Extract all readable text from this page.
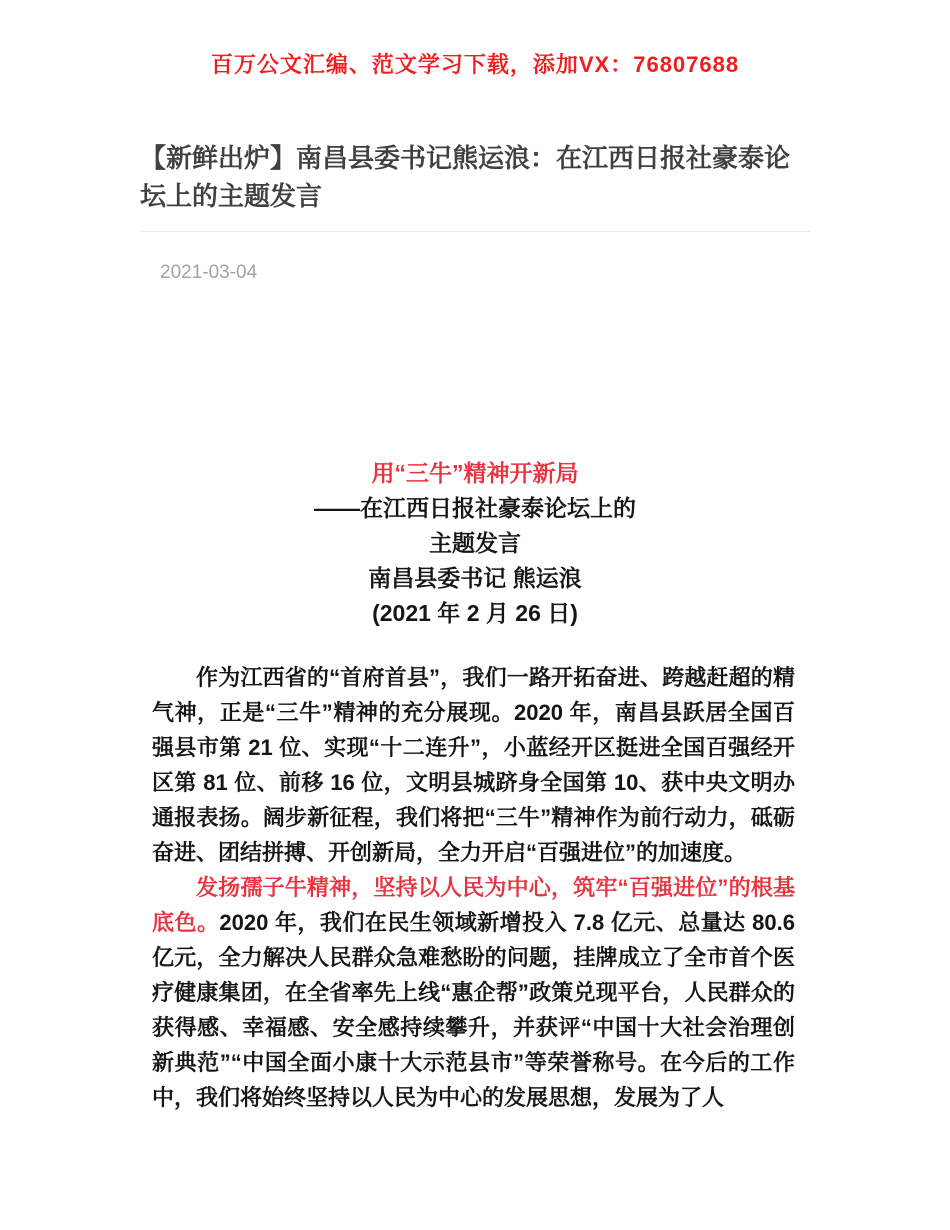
百万公文汇编、范文学习下载，添加VX：76807688
【新鲜出炉】南昌县委书记熊运浪：在江西日报社豪泰论坛上的主题发言
2021-03-04
用“三牛”精神开新局
——在江西日报社豪泰论坛上的
主题发言
南昌县委书记 熊运浪
(2021 年 2 月 26 日)

作为江西省的“首府首县”，我们一路开拓奋进、跨越赶超的精气神，正是“三牛”精神的充分展现。2020 年，南昌县跃居全国百强县市第 21 位、实现“十二连升”，小蓝经开区挺进全国百强经开区第 81 位、前移 16 位，文明县城跻身全国第 10、获中央文明办通报表扬。阔步新征程，我们将把“三牛”精神作为前行动力，砥砺奋进、团结拼搏、开创新局，全力开启“百强进位”的加速度。

发扬孺子牛精神，坚持以人民为中心，筑牢“百强进位”的根基底色。2020 年，我们在民生领域新增投入 7.8 亿元、总量达 80.6 亿元，全力解决人民群众急难愁盼的问题，挂牌成立了全市首个医疗健康集团，在全省率先上线“惠企帮”政策兑现平台，人民群众的获得感、幸福感、安全感持续攀升，并获评“中国十大社会治理创新典范”“中国全面小康十大示范县市”等荣誉称号。在今后的工作中，我们将始终坚持以人民为中心的发展思想，发展为了人
